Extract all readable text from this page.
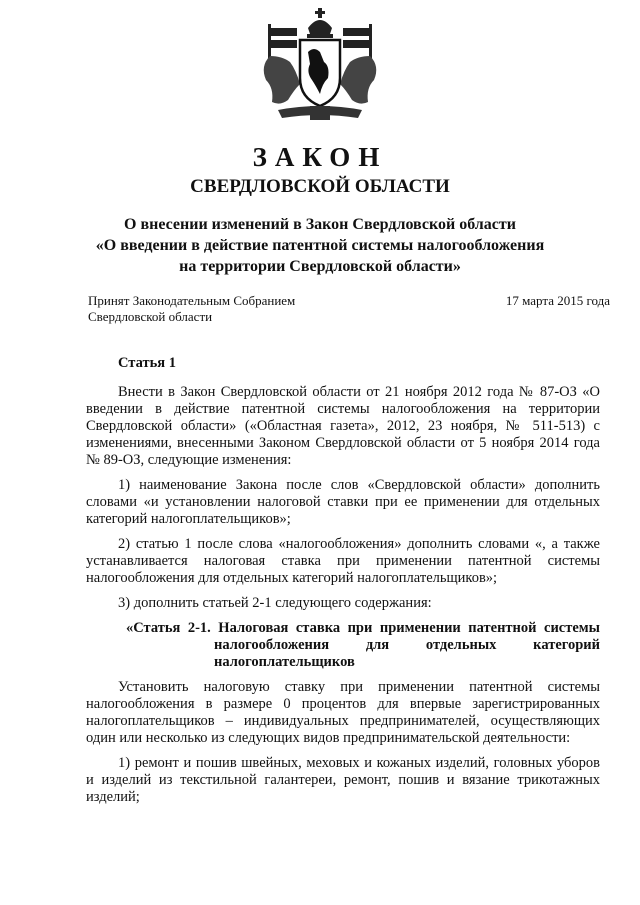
ЗАКОН
СВЕРДЛОВСКОЙ ОБЛАСТИ
О внесении изменений в Закон Свердловской области
«О введении в действие патентной системы налогообложения
на территории Свердловской области»
Принят Законодательным Собранием
Свердловской области
17 марта 2015 года

Статья 1

Внести в Закон Свердловской области от 21 ноября 2012 года № 87-ОЗ «О введении в действие патентной системы налогообложения на территории Свердловской области» («Областная газета», 2012, 23 ноября, № 511-513) с изменениями, внесенными Законом Свердловской области от 5 ноября 2014 года № 89-ОЗ, следующие изменения:

1) наименование Закона после слов «Свердловской области» дополнить словами «и установлении налоговой ставки при ее применении для отдельных категорий налогоплательщиков»;

2) статью 1 после слова «налогообложения» дополнить словами «, а также устанавливается налоговая ставка при применении патентной системы налогообложения для отдельных категорий налогоплательщиков»;

3) дополнить статьей 2-1 следующего содержания:

«Статья 2-1. Налоговая ставка при применении патентной системы налогообложения для отдельных категорий налогоплательщиков

Установить налоговую ставку при применении патентной системы налогообложения в размере 0 процентов для впервые зарегистрированных налогоплательщиков – индивидуальных предпринимателей, осуществляющих один или несколько из следующих видов предпринимательской деятельности:

1) ремонт и пошив швейных, меховых и кожаных изделий, головных уборов и изделий из текстильной галантереи, ремонт, пошив и вязание трикотажных изделий;
